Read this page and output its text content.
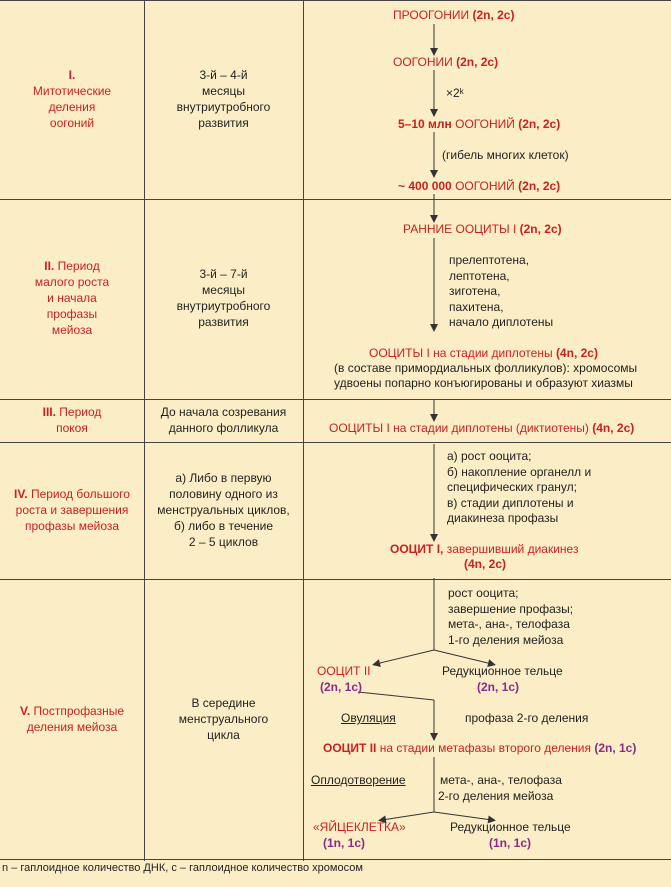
I.
Митотические
деления
оогоний
II. Период
малого роста
и начала
профазы
мейоза
III. Период
покоя
IV. Период большого
роста и завершения
профазы мейоза
V. Постпрофазные
деления мейоза
3-й – 4-й
месяцы
внутриутробного
развития
3-й – 7-й
месяцы
внутриутробного
развития
До начала созревания
данного фолликула
а) Либо в первую
половину одного из
менструальных циклов,
б) либо в течение
2 – 5 циклов
В середине
менструального
цикла
ПРООГОНИИ (2n, 2c)
ООГОНИИ (2n, 2c)
×2ᵏ
5–10 млн ООГОНИЙ (2n, 2c)
(гибель многих клеток)
~ 400 000 ООГОНИЙ (2n, 2c)
РАННИЕ ООЦИТЫ I (2n, 2c)
прелептотена,
лептотена,
зиготена,
пахитена,
начало диплотены
ООЦИТЫ I на стадии диплотены (4n, 2c)
(в составе примордиальных фолликулов): хромосомы
удвоены попарно конъюгированы и образуют хиазмы
ООЦИТЫ I на стадии диплотены (диктиотены) (4n, 2c)
а) рост ооцита;
б) накопление органелл и
специфических гранул;
в) стадии диплотены и
диакинеза профазы
ООЦИТ I, завершивший диакинез
(4n, 2c)
рост ооцита;
завершение профазы;
мета-, ана-, телофаза
1-го деления мейоза
ООЦИТ II
(2n, 1c)
Редукционное тельце
(2n, 1c)
Овуляция	профаза 2-го деления
ООЦИТ II на стадии метафазы второго деления (2n, 1c)
Оплодотворение	мета-, ана-, телофаза
2-го деления мейоза
«ЯЙЦЕКЛЕТКА»
(1n, 1c)
Редукционное тельце
(1n, 1c)
n – гаплоидное количество ДНК, c – гаплоидное количество хромосом
